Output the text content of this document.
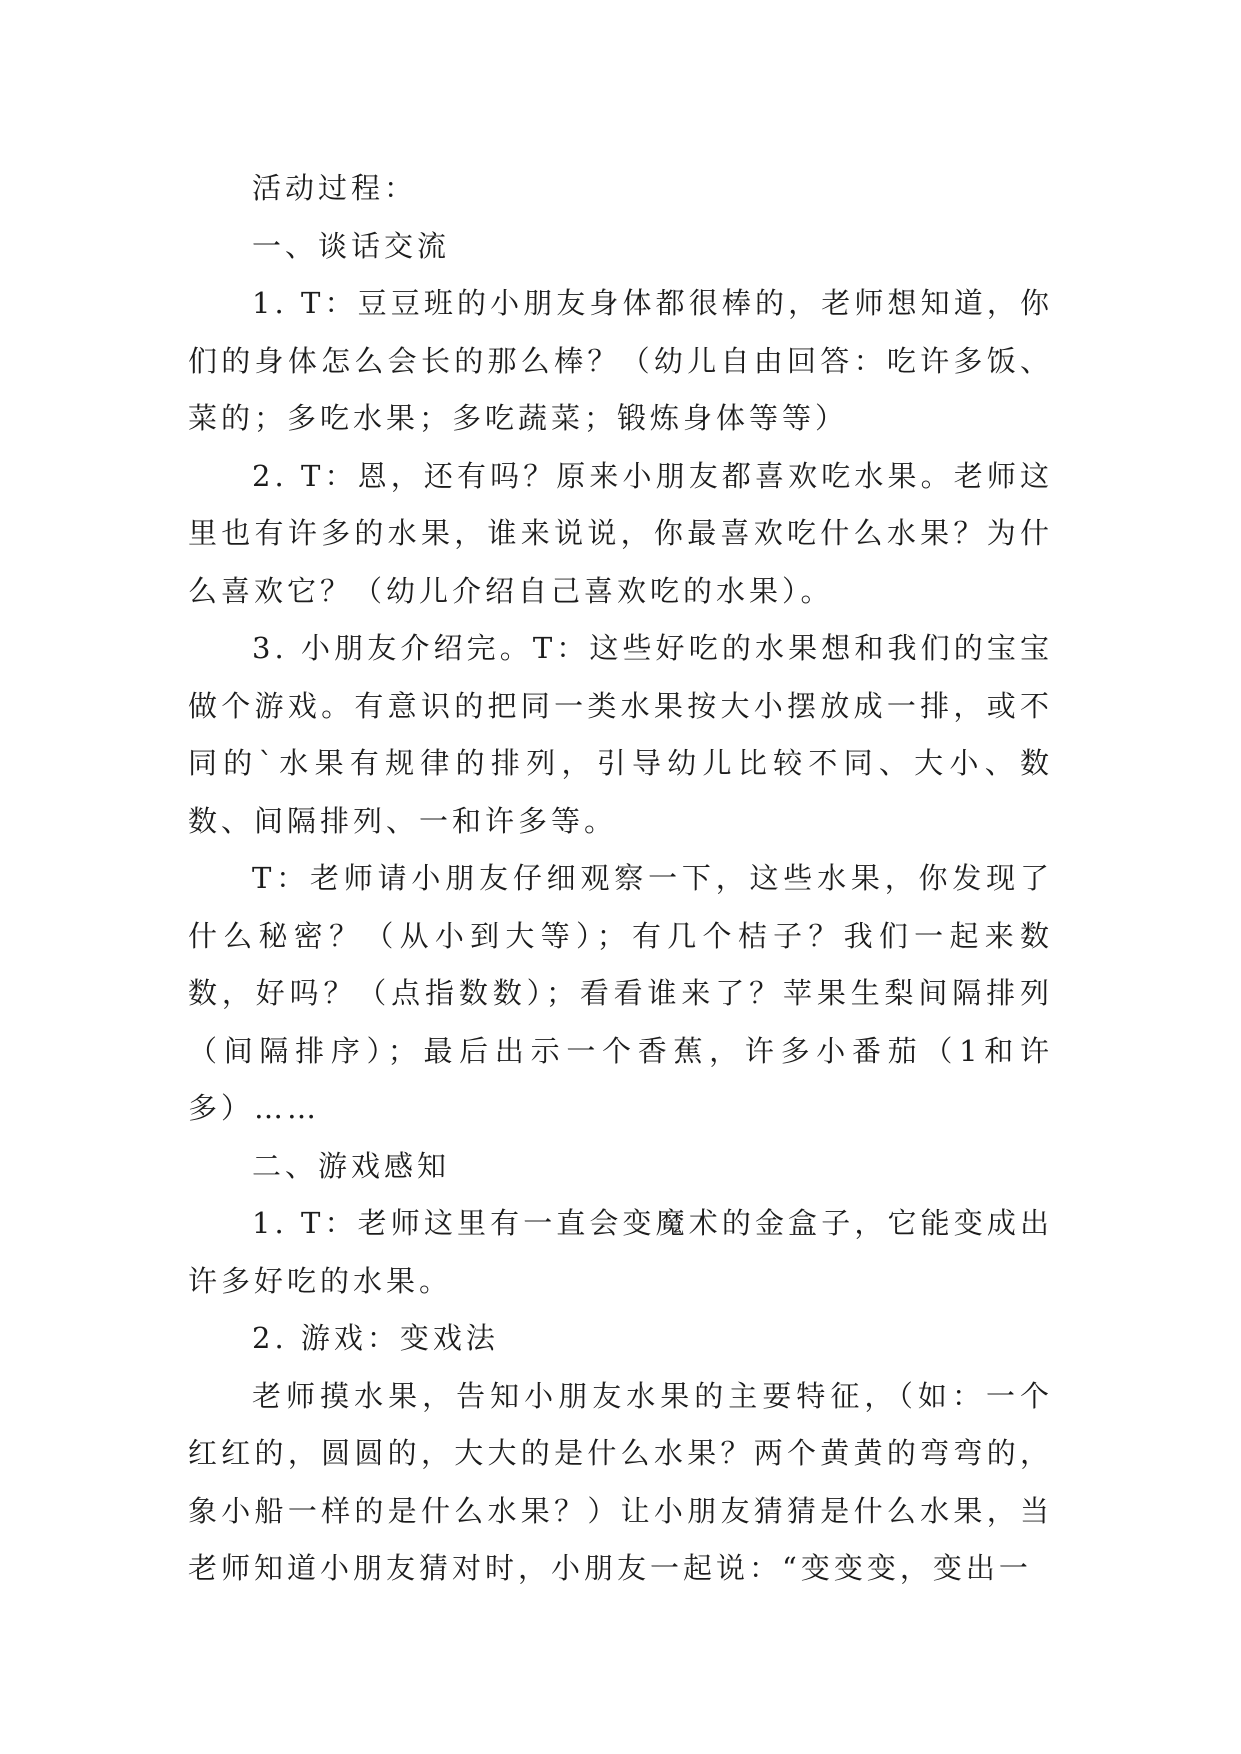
活动过程：

一、谈话交流

1. T：豆豆班的小朋友身体都很棒的，老师想知道，你们的身体怎么会长的那么棒？（幼儿自由回答：吃许多饭、菜的；多吃水果；多吃蔬菜；锻炼身体等等）

2. T：恩，还有吗？原来小朋友都喜欢吃水果。老师这里也有许多的水果，谁来说说，你最喜欢吃什么水果？为什么喜欢它？（幼儿介绍自己喜欢吃的水果）。

3. 小朋友介绍完。T：这些好吃的水果想和我们的宝宝做个游戏。有意识的把同一类水果按大小摆放成一排，或不同的`水果有规律的排列，引导幼儿比较不同、大小、数数、间隔排列、一和许多等。

T：老师请小朋友仔细观察一下，这些水果，你发现了什么秘密？（从小到大等）；有几个桔子？我们一起来数数，好吗？（点指数数）；看看谁来了？苹果生梨间隔排列（间隔排序）；最后出示一个香蕉，许多小番茄（1和许多）……

二、游戏感知

1. T：老师这里有一直会变魔术的金盒子，它能变成出许多好吃的水果。

2. 游戏：变戏法

老师摸水果，告知小朋友水果的主要特征，（如：一个红红的，圆圆的，大大的是什么水果？两个黄黄的弯弯的，象小船一样的是什么水果？）让小朋友猜猜是什么水果，当老师知道小朋友猜对时，小朋友一起说：“变变变，变出一
